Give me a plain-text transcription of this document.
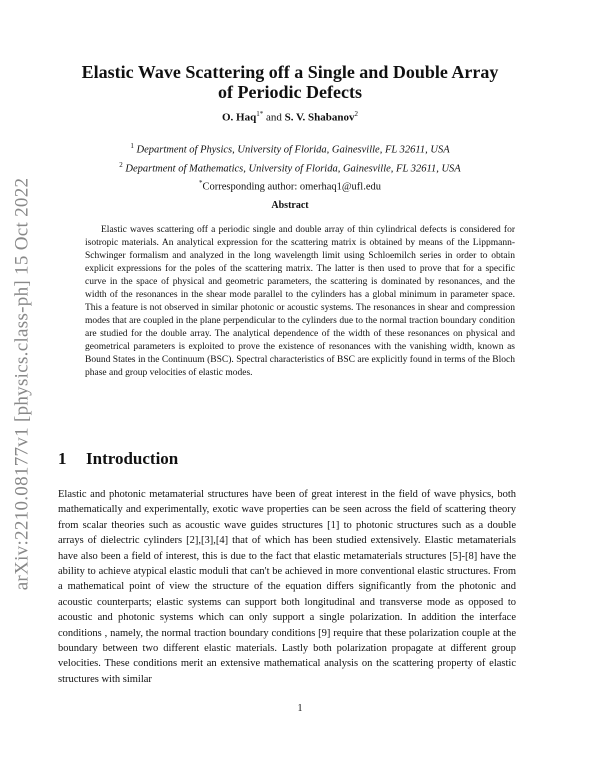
arXiv:2210.08177v1 [physics.class-ph] 15 Oct 2022
Elastic Wave Scattering off a Single and Double Array
of Periodic Defects
O. Haq$^{1*}$ and S. V. Shabanov$^2$
$^1$ Department of Physics, University of Florida, Gainesville, FL 32611, USA
$^2$ Department of Mathematics, University of Florida, Gainesville, FL 32611, USA
*Corresponding author: omerhaq1@ufl.edu
Abstract

Elastic waves scattering off a periodic single and double array of thin cylindrical defects is considered for isotropic materials. An analytical expression for the scattering matrix is obtained by means of the Lippmann-Schwinger formalism and analyzed in the long wavelength limit using Schloemilch series in order to obtain explicit expressions for the poles of the scattering matrix. The latter is then used to prove that for a specific curve in the space of physical and geometric parameters, the scattering is dominated by resonances, and the width of the resonances in the shear mode parallel to the cylinders has a global minimum in parameter space. This a feature is not observed in similar photonic or acoustic systems. The resonances in shear and compression modes that are coupled in the plane perpendicular to the cylinders due to the normal traction boundary condition are studied for the double array. The analytical dependence of the width of these resonances on physical and geometrical parameters is exploited to prove the existence of resonances with the vanishing width, known as Bound States in the Continuum (BSC). Spectral characteristics of BSC are explicitly found in terms of the Bloch phase and group velocities of elastic modes.

1 Introduction

Elastic and photonic metamaterial structures have been of great interest in the field of wave physics, both mathematically and experimentally, exotic wave properties can be seen across the field of scattering theory from scalar theories such as acoustic wave guides structures [1] to photonic structures such as a double arrays of dielectric cylinders [2],[3],[4] that of which has been studied extensively. Elastic metamaterials have also been a field of interest, this is due to the fact that elastic metamaterials structures [5]-[8] have the ability to achieve atypical elastic moduli that can't be achieved in more conventional elastic structures. From a mathematical point of view the structure of the equation differs significantly from the photonic and acoustic counterparts; elastic systems can support both longitudinal and transverse mode as opposed to acoustic and photonic systems which can only support a single polarization. In addition the interface conditions , namely, the normal traction boundary conditions [9] require that these polarization couple at the boundary between two different elastic materials. Lastly both polarization propagate at different group velocities. These conditions merit an extensive mathematical analysis on the scattering property of elastic structures with similar

1
